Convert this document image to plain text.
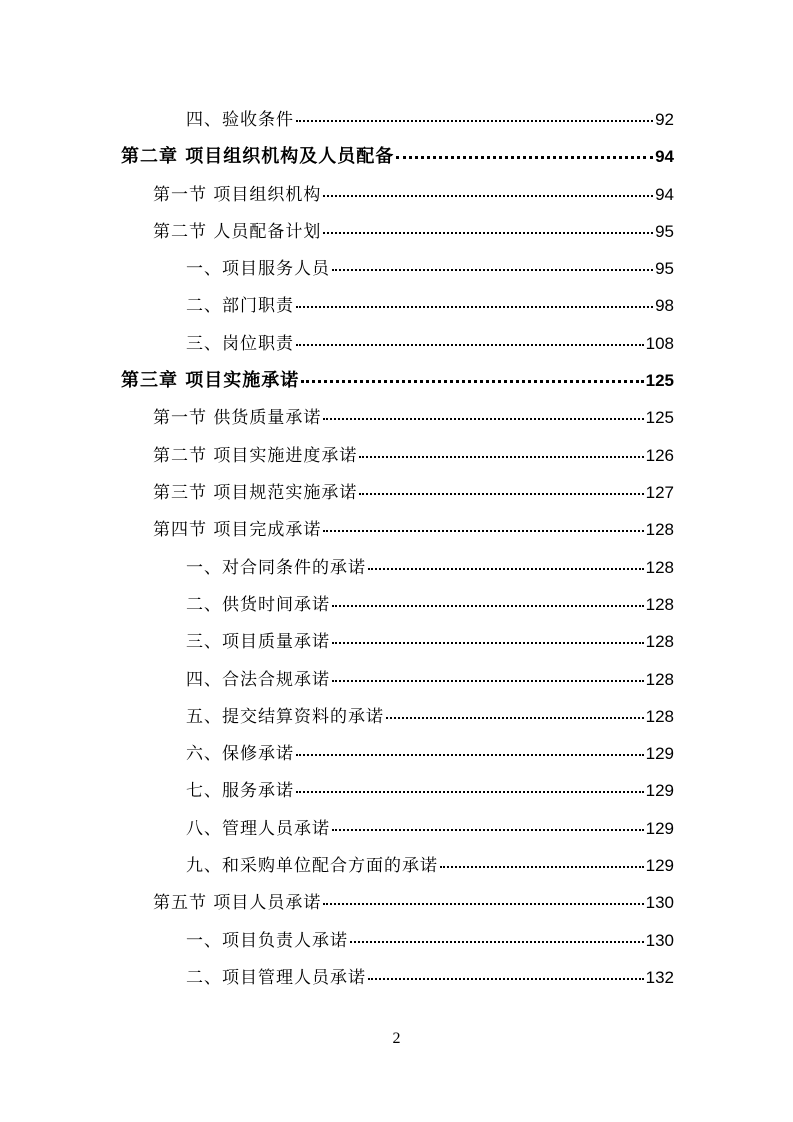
四、验收条件	92
第二章 项目组织机构及人员配备	94
第一节 项目组织机构	94
第二节 人员配备计划	95
一、项目服务人员	95
二、部门职责	98
三、岗位职责	108
第三章 项目实施承诺	125
第一节 供货质量承诺	125
第二节 项目实施进度承诺	126
第三节 项目规范实施承诺	127
第四节 项目完成承诺	128
一、对合同条件的承诺	128
二、供货时间承诺	128
三、项目质量承诺	128
四、合法合规承诺	128
五、提交结算资料的承诺	128
六、保修承诺	129
七、服务承诺	129
八、管理人员承诺	129
九、和采购单位配合方面的承诺	129
第五节 项目人员承诺	130
一、项目负责人承诺	130
二、项目管理人员承诺	132
2
